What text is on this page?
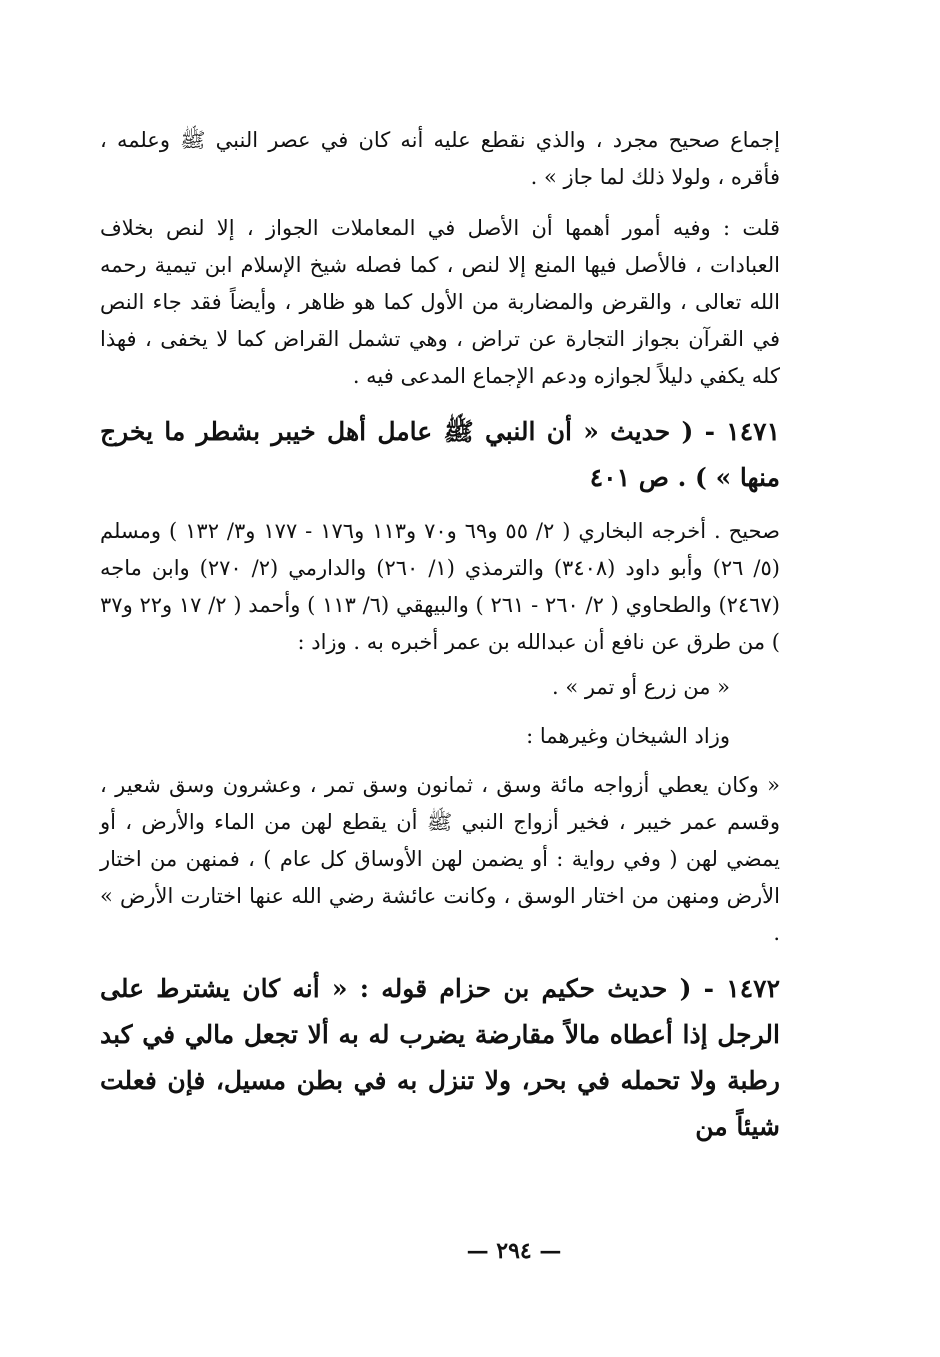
إجماع صحيح مجرد ، والذي نقطع عليه أنه كان في عصر النبي ﷺ وعلمه ، فأقره ، ولولا ذلك لما جاز » .

قلت : وفيه أمور أهمها أن الأصل في المعاملات الجواز ، إلا لنص بخلاف العبادات ، فالأصل فيها المنع إلا لنص ، كما فصله شيخ الإسلام ابن تيمية رحمه الله تعالى ، والقرض والمضاربة من الأول كما هو ظاهر ، وأيضاً فقد جاء النص في القرآن بجواز التجارة عن تراض ، وهي تشمل القراض كما لا يخفى ، فهذا كله يكفي دليلاً لجوازه ودعم الإجماع المدعى فيه .

١٤٧١ - ( حديث « أن النبي ﷺ عامل أهل خيبر بشطر ما يخرج منها » ) . ص ٤٠١

صحيح . أخرجه البخاري ( ٢/ ٥٥ و٦٩ و٧٠ و١١٣ و١٧٦ - ١٧٧ و٣/ ١٣٢ ) ومسلم (٥/ ٢٦) وأبو داود (٣٤٠٨) والترمذي (١/ ٢٦٠) والدارمي (٢/ ٢٧٠) وابن ماجه (٢٤٦٧) والطحاوي ( ٢/ ٢٦٠ - ٢٦١ ) والبيهقي (٦/ ١١٣ ) وأحمد ( ٢/ ١٧ و٢٢ و٣٧ ) من طرق عن نافع أن عبدالله بن عمر أخبره به . وزاد :

« من زرع أو تمر » .

وزاد الشيخان وغيرهما :

« وكان يعطي أزواجه مائة وسق ، ثمانون وسق تمر ، وعشرون وسق شعير ، وقسم عمر خيبر ، فخير أزواج النبي ﷺ أن يقطع لهن من الماء والأرض ، أو يمضي لهن ( وفي رواية : أو يضمن لهن الأوساق كل عام ) ، فمنهن من اختار الأرض ومنهن من اختار الوسق ، وكانت عائشة رضي الله عنها اختارت الأرض » .

١٤٧٢ - ( حديث حكيم بن حزام قوله : « أنه كان يشترط على الرجل إذا أعطاه مالاً مقارضة يضرب له به ألا تجعل مالي في كبد رطبة ولا تحمله في بحر، ولا تنزل به في بطن مسيل، فإن فعلت شيئاً من

— ٢٩٤ —
